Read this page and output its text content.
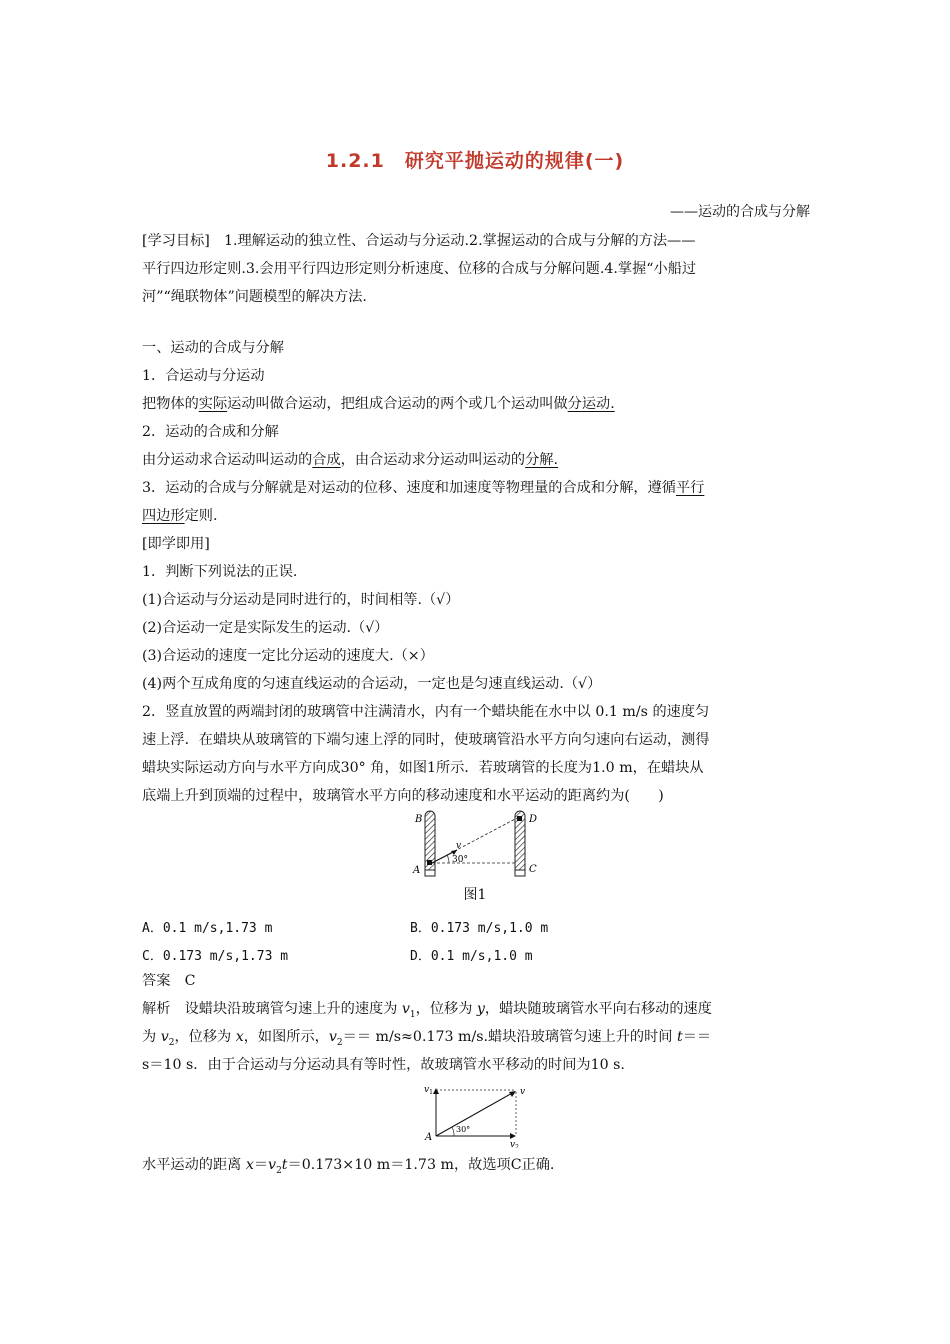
1.2.1　研究平抛运动的规律(一)
——运动的合成与分解

[学习目标]　1.理解运动的独立性、合运动与分运动.2.掌握运动的合成与分解的方法——
平行四边形定则.3.会用平行四边形定则分析速度、位移的合成与分解问题.4.掌握“小船过
河”“绳联物体”问题模型的解决方法.
一、运动的合成与分解
1．合运动与分运动
把物体的实际运动叫做合运动，把组成合运动的两个或几个运动叫做分运动.
2．运动的合成和分解
由分运动求合运动叫运动的合成，由合运动求分运动叫运动的分解.
3．运动的合成与分解就是对运动的位移、速度和加速度等物理量的合成和分解，遵循平行
四边形定则.
[即学即用]
1．判断下列说法的正误.
(1)合运动与分运动是同时进行的，时间相等.（√）
(2)合运动一定是实际发生的运动.（√）
(3)合运动的速度一定比分运动的速度大.（×）
(4)两个互成角度的匀速直线运动的合运动，一定也是匀速直线运动.（√）
2．竖直放置的两端封闭的玻璃管中注满清水，内有一个蜡块能在水中以 0.1 m/s 的速度匀
速上浮．在蜡块从玻璃管的下端匀速上浮的同时，使玻璃管沿水平方向匀速向右运动，测得
蜡块实际运动方向与水平方向成30° 角，如图1所示．若玻璃管的长度为1.0 m，在蜡块从
底端上升到顶端的过程中，玻璃管水平方向的移动速度和水平运动的距离约为(　　)
B
A
D
C
v
30°
图1
A．0.1 m/s,1.73 m	B．0.173 m/s,1.0 m
C．0.173 m/s,1.73 m	D．0.1 m/s,1.0 m
答案　C
解析　设蜡块沿玻璃管匀速上升的速度为 $v_1$，位移为 y，蜡块随玻璃管水平向右移动的速度
为 $v_2$，位移为 x，如图所示，$v_2== m/s\approx 0.173$ m/s.蜡块沿玻璃管匀速上升的时间 t＝＝
s＝10 s．由于合运动与分运动具有等时性，故玻璃管水平移动的时间为10 s.
$v_1$	v
A
30°
$v_2$
水平运动的距离 $x=v_2t=0.173\times 10$ m＝1.73 m，故选项C正确.
